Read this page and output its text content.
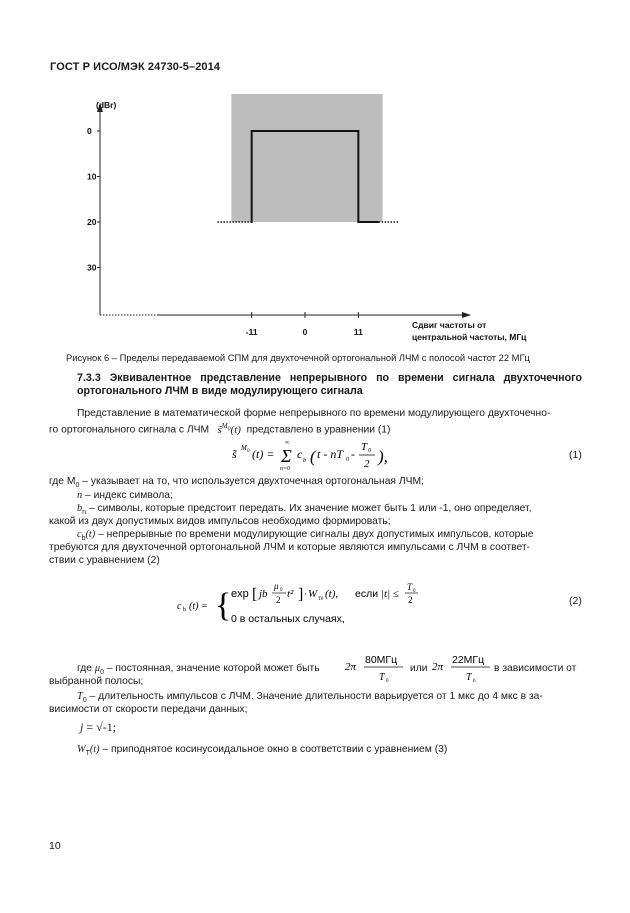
ГОСТ Р ИСО/МЭК 24730-5–2014
(dBr)
0
10
20
30
-11	0	11
Сдвиг частоты от
центральной частоты, МГц
Рисунок 6 – Пределы передаваемой СПМ для двухточечной ортогональной ЛЧМ с полосой частот 22 МГц
7.3.3 Эквивалентное представление непрерывного по времени сигнала двухточечного ортогонального ЛЧМ в виде модулирующего сигнала
Представление в математической форме непрерывного по времени модулирующего двухточечно-
го ортогонального сигнала с ЛЧМ   s̃$^{M_0}$(t)  представлено в уравнении (1)
s̃ M 0 (t) = Σ
∞
n=0
c b ( t - nT 0 - T 0
2 ),	(1)
где $М_0$ – указывает на то, что используется двухточечная ортогональная ЛЧМ;
n – индекс символа;
$b_n$ – символы, которые предстоит передать. Их значение может быть 1 или -1, оно определяет,
какой из двух допустимых видов импульсов необходимо формировать;
$c_b(t)$ – непрерывные по времени модулирующие сигналы двух допустимых импульсов, которые
требуются для двухточечной ортогональной ЛЧМ и которые являются импульсами с ЛЧМ в соответ-
ствии с уравнением (2)
c b (t) = { exp [ jb
μ 0
2 t² ] · W T0 (t), если |t| ≤
T 0
2
0 в остальных случаях,
(2)
где $\mu_0$ – постоянная, значение которой может быть 2π
80МГц
T 0
или 2π
22МГц
T 0
в зависимости от
выбранной полосы;
$T_0$ – длительность импульсов с ЛЧМ. Значение длительности варьируется от 1 мкс до 4 мкс в за-
висимости от скорости передачи данных;
j = √-1;
$W_T(t)$ – приподнятое косинусоидальное окно в соответствии с уравнением (3)
10
